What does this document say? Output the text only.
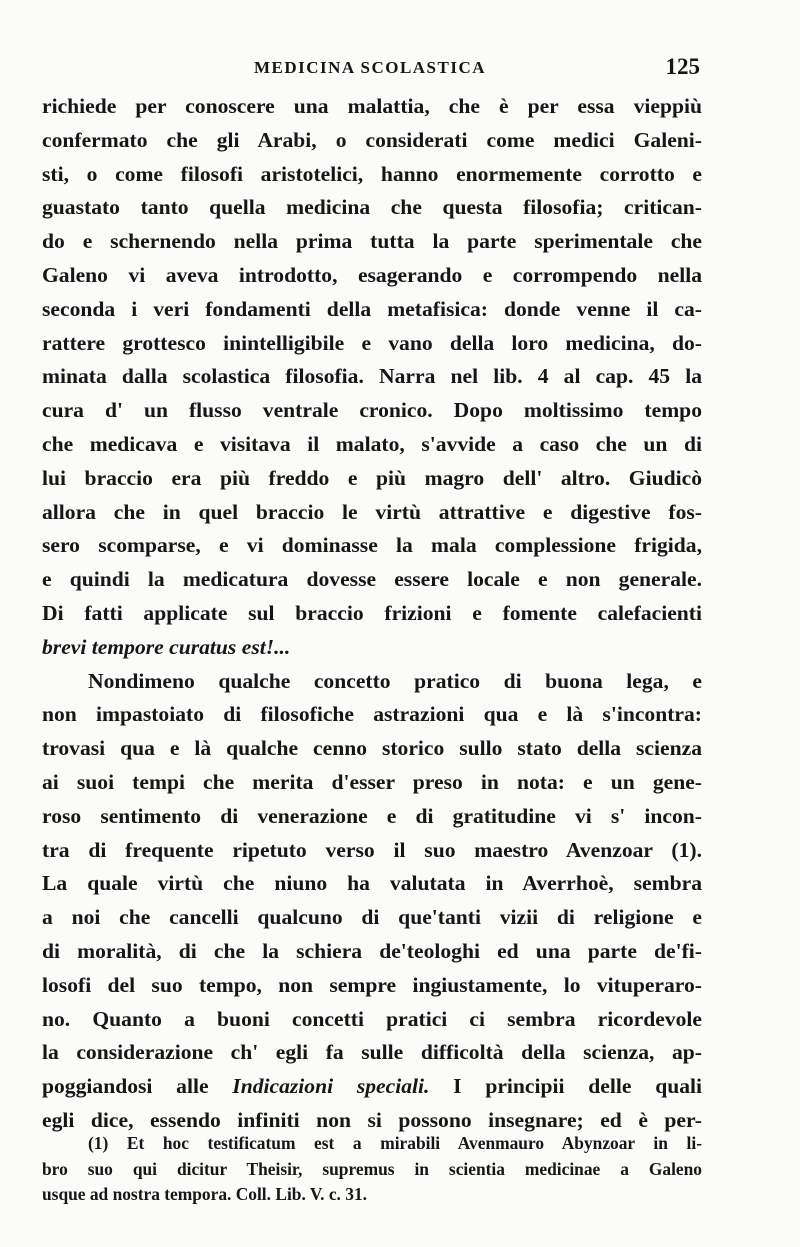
MEDICINA SCOLASTICA	125
richiede per conoscere una malattia, che è per essa vieppiù
confermato che gli Arabi, o considerati come medici Galeni-
sti, o come filosofi aristotelici, hanno enormemente corrotto e
guastato tanto quella medicina che questa filosofia; critican-
do e schernendo nella prima tutta la parte sperimentale che
Galeno vi aveva introdotto, esagerando e corrompendo nella
seconda i veri fondamenti della metafisica: donde venne il ca-
rattere grottesco inintelligibile e vano della loro medicina, do-
minata dalla scolastica filosofia. Narra nel lib. 4 al cap. 45 la
cura d' un flusso ventrale cronico. Dopo moltissimo tempo
che medicava e visitava il malato, s'avvide a caso che un di
lui braccio era più freddo e più magro dell' altro. Giudicò
allora che in quel braccio le virtù attrattive e digestive fos-
sero scomparse, e vi dominasse la mala complessione frigida,
e quindi la medicatura dovesse essere locale e non generale.
Di fatti applicate sul braccio frizioni e fomente calefacienti
brevi tempore curatus est!...
Nondimeno qualche concetto pratico di buona lega, e
non impastoiato di filosofiche astrazioni qua e là s'incontra:
trovasi qua e là qualche cenno storico sullo stato della scienza
ai suoi tempi che merita d'esser preso in nota: e un gene-
roso sentimento di venerazione e di gratitudine vi s' incon-
tra di frequente ripetuto verso il suo maestro Avenzoar (1).
La quale virtù che niuno ha valutata in Averrhoè, sembra
a noi che cancelli qualcuno di que'tanti vizii di religione e
di moralità, di che la schiera de'teologhi ed una parte de'fi-
losofi del suo tempo, non sempre ingiustamente, lo vituperaro-
no. Quanto a buoni concetti pratici ci sembra ricordevole
la considerazione ch' egli fa sulle difficoltà della scienza, ap-
poggiandosi alle Indicazioni speciali. I principii delle quali
egli dice, essendo infiniti non si possono insegnare; ed è per-
(1) Et hoc testificatum est a mirabili Avenmauro Abynzoar in li-
bro suo qui dicitur Theisir, supremus in scientia medicinae a Galeno
usque ad nostra tempora. Coll. Lib. V. c. 31.
